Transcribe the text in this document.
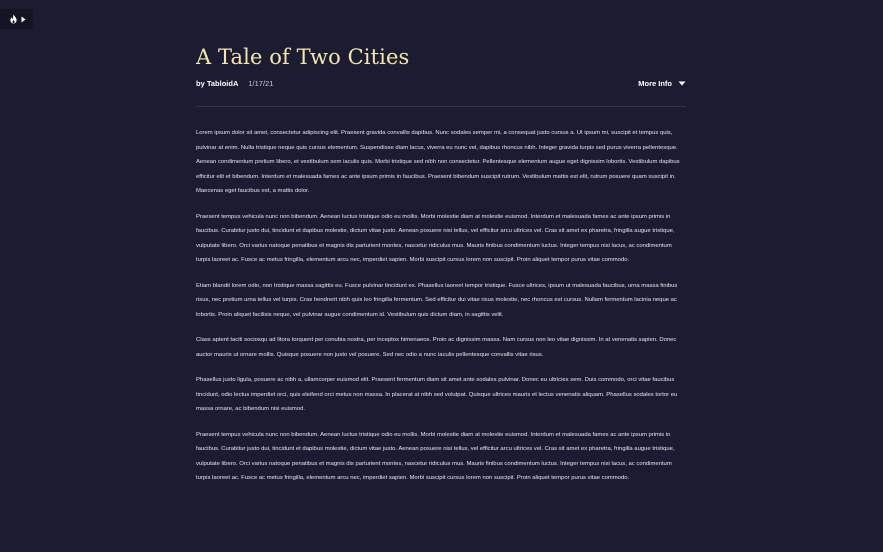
A Tale of Two Cities
by TabloidA 1/17/21	More Info

Lorem ipsum dolor sit amet, consectetur adipiscing elit. Praesent gravida convallis dapibus. Nunc sodales semper mi, a consequat justo cursus a. Ut ipsum mi, suscipit et tempus quis, pulvinar at enim. Nulla tristique neque quis cursus elementum. Suspendisse diam lacus, viverra eu nunc vel, dapibus rhoncus nibh. Integer gravida turpis sed purus viverra pellentesque. Aenean condimentum pretium libero, et vestibulum sem iaculis quis. Morbi tristique sed nibh non consectetur. Pellentesque elementum augue eget dignissim lobortis. Vestibulum dapibus efficitur elit et bibendum. Interdum et malesuada fames ac ante ipsum primis in faucibus. Praesent bibendum suscipit rutrum. Vestibulum mattis est elit, rutrum posuere quam suscipit in. Maecenas eget faucibus est, a mattis dolor.

Praesent tempus vehicula nunc non bibendum. Aenean luctus tristique odio eu mollis. Morbi molestie diam at molestie euismod. Interdum et malesuada fames ac ante ipsum primis in faucibus. Curabitur justo dui, tincidunt et dapibus molestie, dictum vitae justo. Aenean posuere nisi tellus, vel efficitur arcu ultrices vel. Cras sit amet ex pharetra, fringilla augue tristique, vulputate libero. Orci varius natoque penatibus et magnis dis parturient montes, nascetur ridiculus mus. Mauris finibus condimentum luctus. Integer tempus nisi lacus, ac condimentum turpis laoreet ac. Fusce ac metus fringilla, elementum arcu nec, imperdiet sapien. Morbi suscipit cursus lorem non suscipit. Proin aliquet tempor purus vitae commodo.

Etiam blandit lorem odio, non tristique massa sagittis eu. Fusce pulvinar tincidunt ex. Phasellus laoreet tempor tristique. Fusce ultrices, ipsum ut malesuada faucibus, urna massa finibus risus, nec pretium urna tellus vel turpis. Cras hendrerit nibh quis leo fringilla fermentum. Sed efficitur dui vitae risus molestie, nec rhoncus est cursus. Nullam fermentum lacinia neque ac lobortis. Proin aliquet facilisis neque, vel pulvinar augue condimentum id. Vestibulum quis dictum diam, in sagittis velit.

Class aptent taciti sociosqu ad litora torquent per conubia nostra, per inceptos himenaeos. Proin ac dignissim massa. Nam cursus non leo vitae dignissim. In at venenatis sapien. Donec auctor mauris ut ornare mollis. Quisque posuere non justo vel posuere. Sed nec odio a nunc iaculis pellentesque convallis vitae risus.

Phasellus justo ligula, posuere ac nibh a, ullamcorper euismod elit. Praesent fermentum diam sit amet ante sodales pulvinar. Donec eu ultricies sem. Duis commodo, orci vitae faucibus tincidunt, odio lectus imperdiet orci, quis eleifend orci metus non massa. In placerat at nibh sed volutpat. Quisque ultrices mauris et lectus venenatis aliquam. Phasellus sodales tortor eu massa ornare, ac bibendum nisi euismod.

Praesent tempus vehicula nunc non bibendum. Aenean luctus tristique odio eu mollis. Morbi molestie diam at molestie euismod. Interdum et malesuada fames ac ante ipsum primis in faucibus. Curabitur justo dui, tincidunt et dapibus molestie, dictum vitae justo. Aenean posuere nisi tellus, vel efficitur arcu ultrices vel. Cras sit amet ex pharetra, fringilla augue tristique, vulputate libero. Orci varius natoque penatibus et magnis dis parturient montes, nascetur ridiculus mus. Mauris finibus condimentum luctus. Integer tempus nisi lacus, ac condimentum turpis laoreet ac. Fusce ac metus fringilla, elementum arcu nec, imperdiet sapien. Morbi suscipit cursus lorem non suscipit. Proin aliquet tempor purus vitae commodo.
